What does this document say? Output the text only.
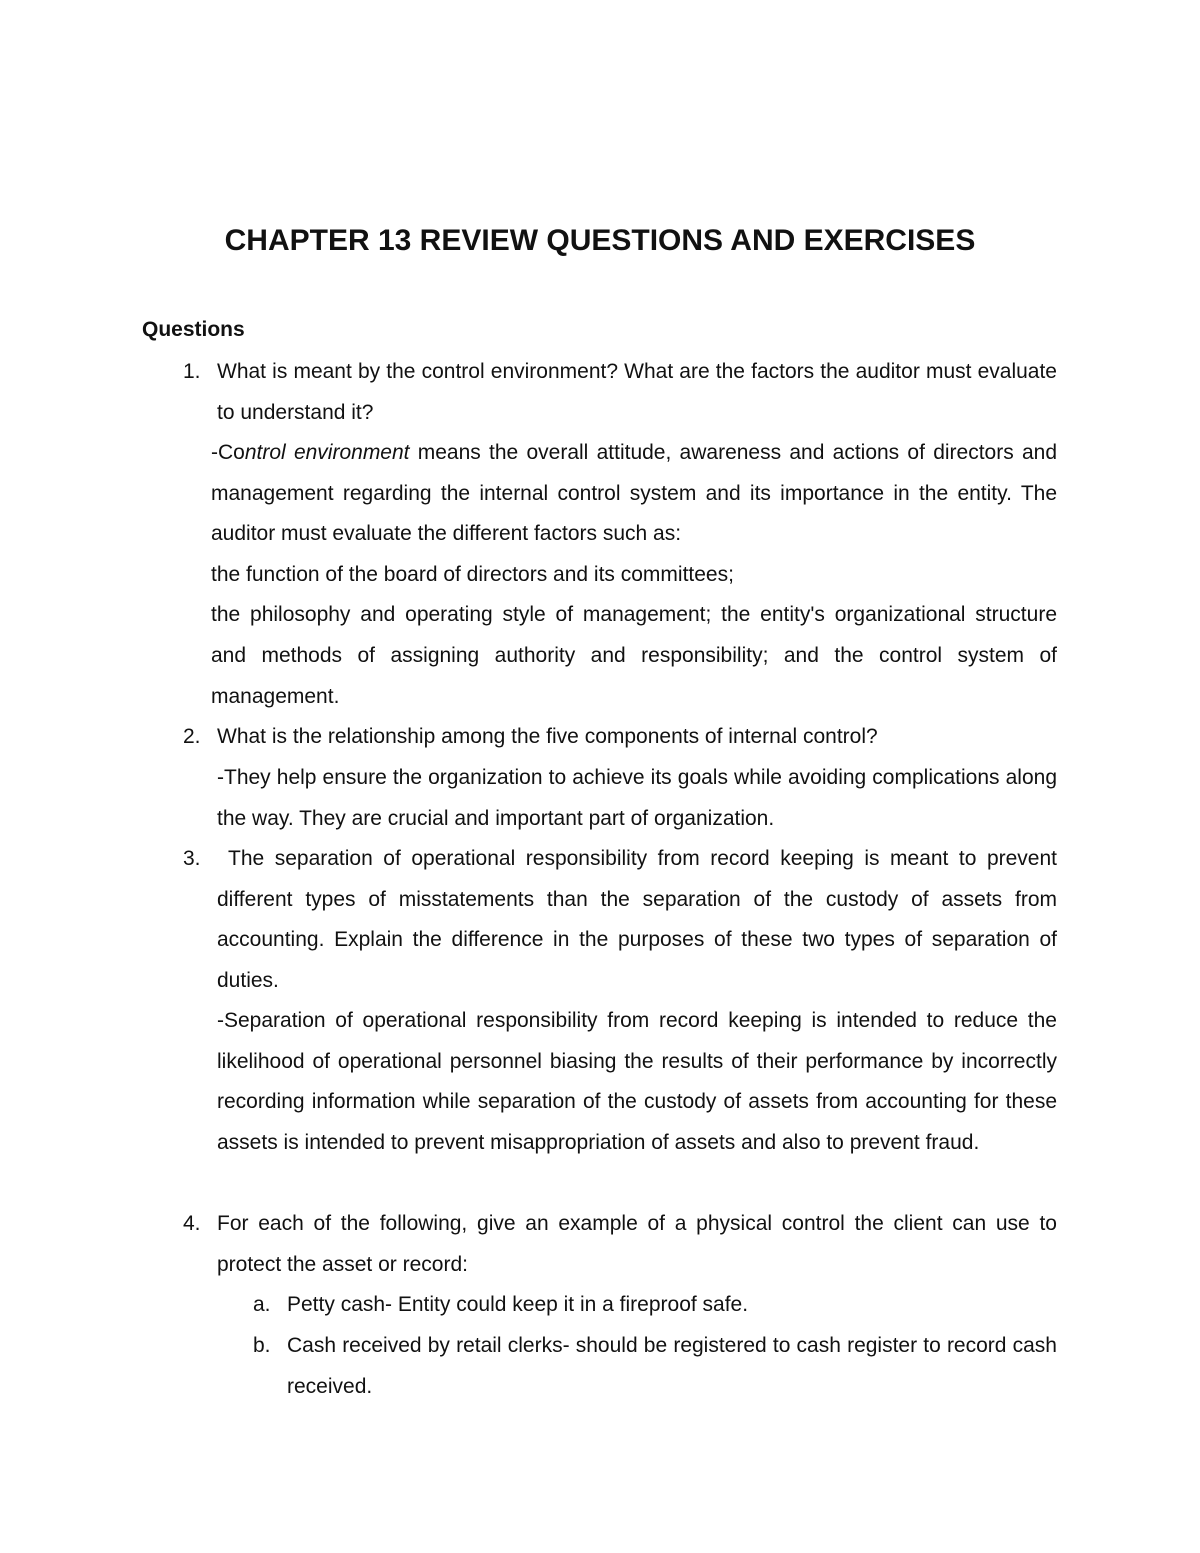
CHAPTER 13 REVIEW QUESTIONS AND EXERCISES
Questions
1. What is meant by the control environment? What are the factors the auditor must evaluate to understand it?

-Control environment means the overall attitude, awareness and actions of directors and management regarding the internal control system and its importance in the entity. The auditor must evaluate the different factors such as:

the function of the board of directors and its committees;

the philosophy and operating style of management; the entity's organizational structure and methods of assigning authority and responsibility; and the control system of management.

2. What is the relationship among the five components of internal control?

-They help ensure the organization to achieve its goals while avoiding complications along the way. They are crucial and important part of organization.

3.	The separation of operational responsibility from record keeping is meant to prevent different types of misstatements than the separation of the custody of assets from accounting. Explain the difference in the purposes of these two types of separation of duties.

-Separation of operational responsibility from record keeping is intended to reduce the likelihood of operational personnel biasing the results of their performance by incorrectly recording information while separation of the custody of assets from accounting for these assets is intended to prevent misappropriation of assets and also to prevent fraud.

4. For each of the following, give an example of a physical control the client can use to protect the asset or record:

a. Petty cash- Entity could keep it in a fireproof safe.

b. Cash received by retail clerks- should be registered to cash register to record cash received.
